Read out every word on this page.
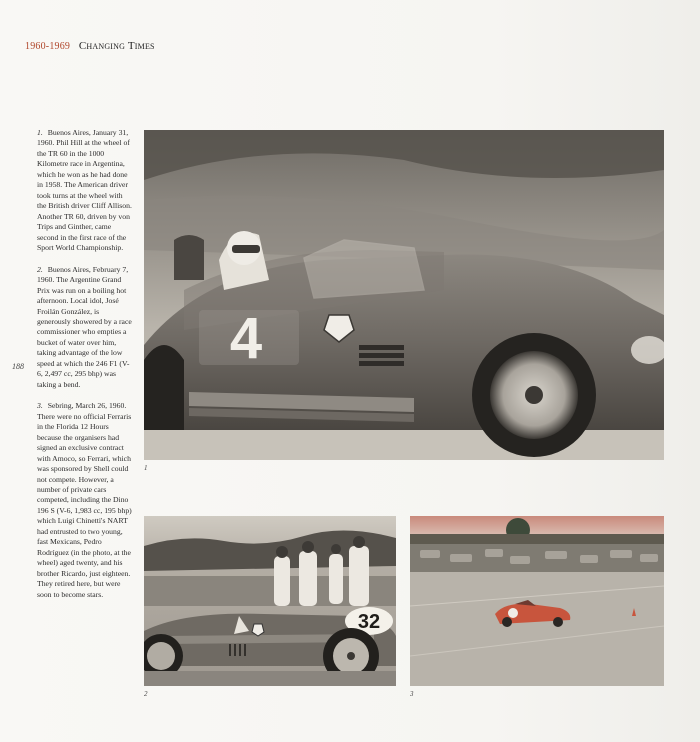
1960-1969 Changing Times
188

1. Buenos Aires, January 31, 1960. Phil Hill at the wheel of the TR 60 in the 1000 Kilometre race in Argentina, which he won as he had done in 1958. The American driver took turns at the wheel with the British driver Cliff Allison. Another TR 60, driven by von Trips and Ginther, came second in the first race of the Sport World Championship.

2. Buenos Aires, February 7, 1960. The Argentine Grand Prix was run on a boiling hot afternoon. Local idol, José Froilán González, is generously showered by a race commissioner who empties a bucket of water over him, taking advantage of the low speed at which the 246 F1 (V-6, 2,497 cc, 295 bhp) was taking a bend.

3. Sebring, March 26, 1960. There were no official Ferraris in the Florida 12 Hours because the organisers had signed an exclusive contract with Amoco, so Ferrari, which was sponsored by Shell could not compete. However, a number of private cars competed, including the Dino 196 S (V-6, 1,983 cc, 195 bhp) which Luigi Chinetti's NART had entrusted to two young, fast Mexicans, Pedro Rodríguez (in the photo, at the wheel) aged twenty, and his brother Ricardo, just eighteen. They retired here, but were soon to become stars.

4
1
32
2	3
